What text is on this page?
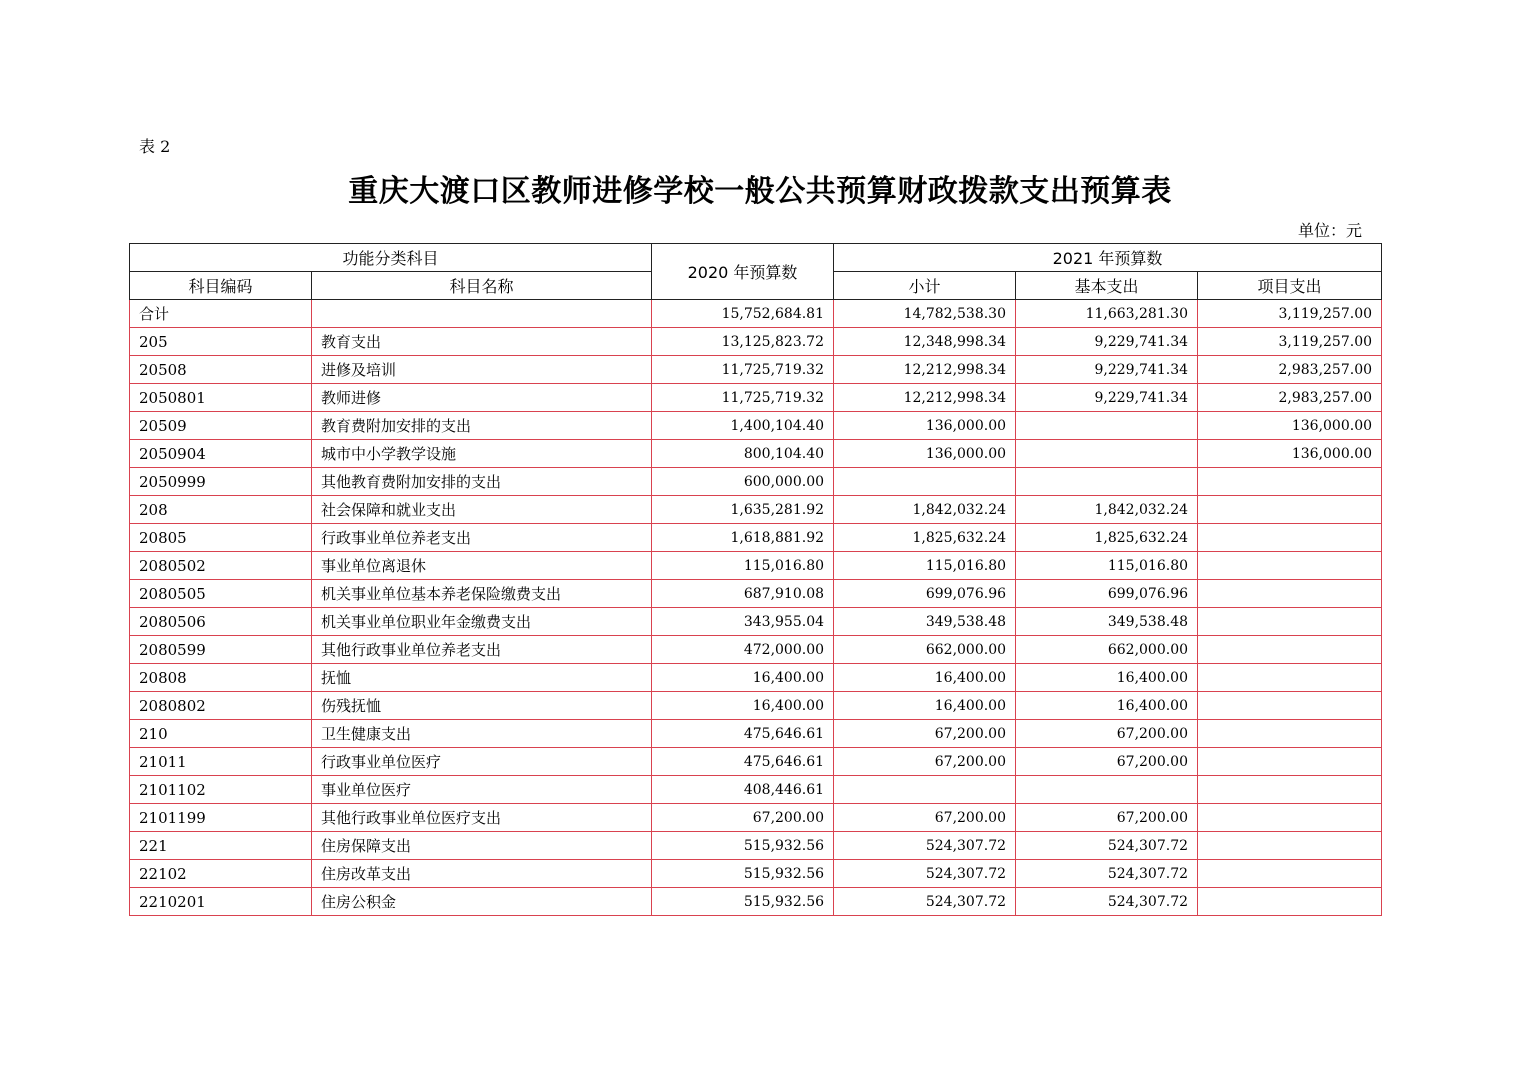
表 2
重庆大渡口区教师进修学校一般公共预算财政拨款支出预算表
单位：元
功能分类科目		2020 年预算数	2021 年预算数		
科目编码	科目名称		小计	基本支出	项目支出
合计		15,752,684.81	14,782,538.30	11,663,281.30	3,119,257.00
205	教育支出	13,125,823.72	12,348,998.34	9,229,741.34	3,119,257.00
20508	进修及培训	11,725,719.32	12,212,998.34	9,229,741.34	2,983,257.00
2050801	教师进修	11,725,719.32	12,212,998.34	9,229,741.34	2,983,257.00
20509	教育费附加安排的支出	1,400,104.40	136,000.00		136,000.00
2050904	城市中小学教学设施	800,104.40	136,000.00		136,000.00
2050999	其他教育费附加安排的支出	600,000.00			
208	社会保障和就业支出	1,635,281.92	1,842,032.24	1,842,032.24	
20805	行政事业单位养老支出	1,618,881.92	1,825,632.24	1,825,632.24	
2080502	事业单位离退休	115,016.80	115,016.80	115,016.80	
2080505	机关事业单位基本养老保险缴费支出	687,910.08	699,076.96	699,076.96	
2080506	机关事业单位职业年金缴费支出	343,955.04	349,538.48	349,538.48	
2080599	其他行政事业单位养老支出	472,000.00	662,000.00	662,000.00	
20808	抚恤	16,400.00	16,400.00	16,400.00	
2080802	伤残抚恤	16,400.00	16,400.00	16,400.00	
210	卫生健康支出	475,646.61	67,200.00	67,200.00	
21011	行政事业单位医疗	475,646.61	67,200.00	67,200.00	
2101102	事业单位医疗	408,446.61			
2101199	其他行政事业单位医疗支出	67,200.00	67,200.00	67,200.00	
221	住房保障支出	515,932.56	524,307.72	524,307.72	
22102	住房改革支出	515,932.56	524,307.72	524,307.72	
2210201	住房公积金	515,932.56	524,307.72	524,307.72	
